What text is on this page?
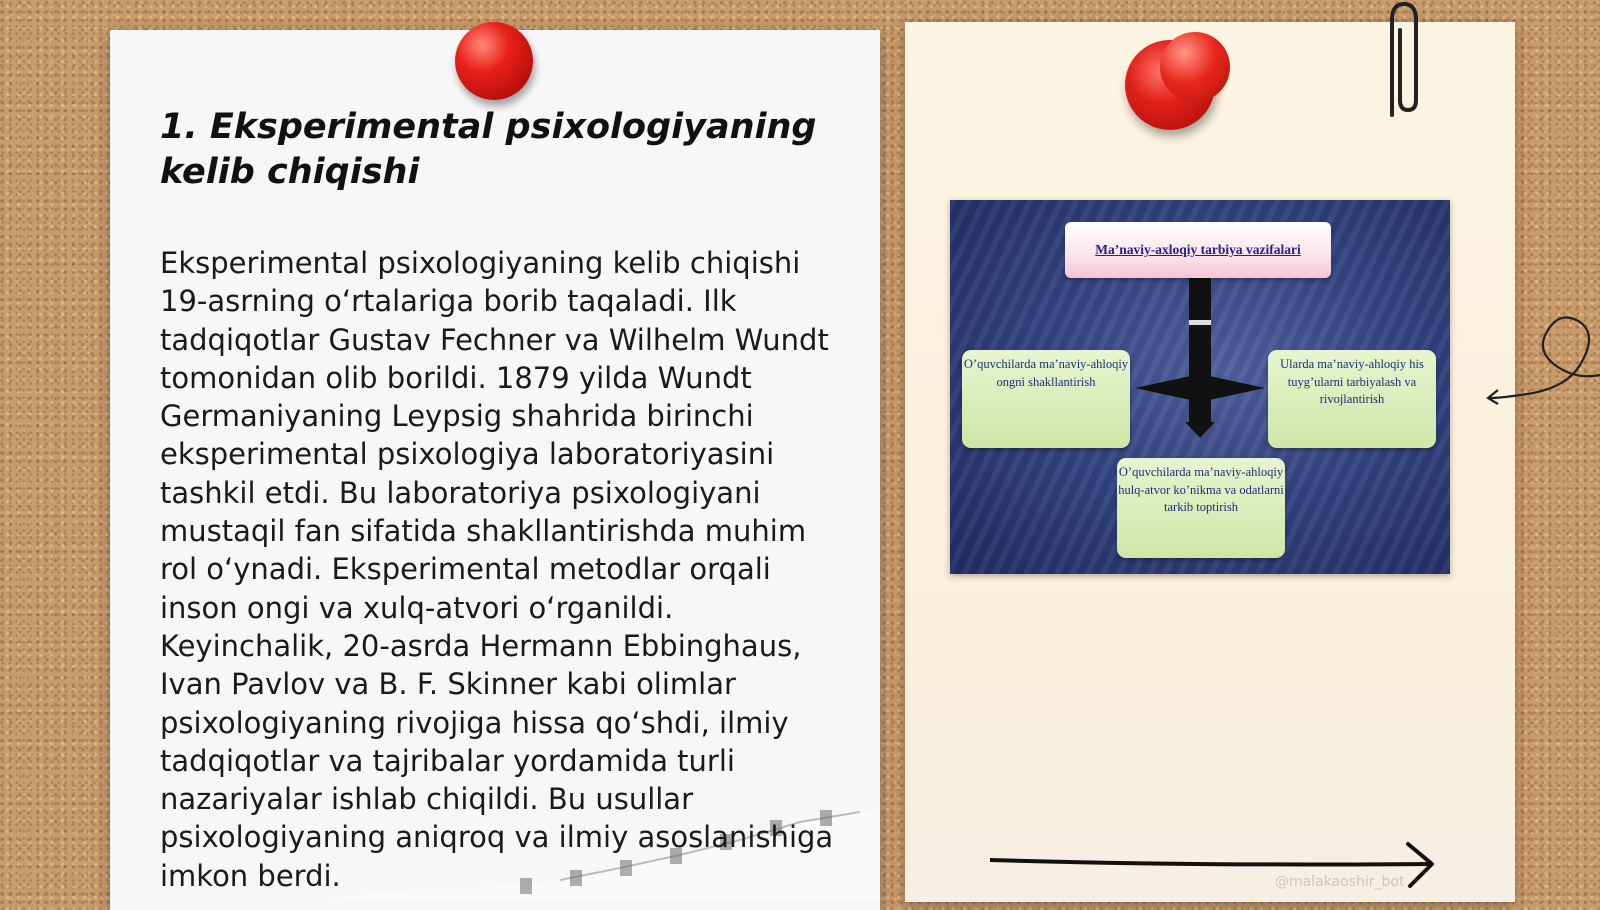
1. Eksperimental psixologiyaning kelib chiqishi

Eksperimental psixologiyaning kelib chiqishi 19-asrning o‘rtalariga borib taqaladi. Ilk tadqiqotlar Gustav Fechner va Wilhelm Wundt tomonidan olib borildi. 1879 yilda Wundt Germaniyaning Leypsig shahrida birinchi eksperimental psixologiya laboratoriyasini tashkil etdi. Bu laboratoriya psixologiyani mustaqil fan sifatida shakllantirishda muhim rol o‘ynadi. Eksperimental metodlar orqali inson ongi va xulq-atvori o‘rganildi. Keyinchalik, 20-asrda Hermann Ebbinghaus, Ivan Pavlov va B. F. Skinner kabi olimlar psixologiyaning rivojiga hissa qo‘shdi, ilmiy tadqiqotlar va tajribalar yordamida turli nazariyalar ishlab chiqildi. Bu usullar psixologiyaning aniqroq va ilmiy asoslanishiga imkon berdi.

Ma’naviy-axloqiy tarbiya vazifalari
O’quvchilarda ma’naviy-ahloqiy ongni shakllantirish
Ularda ma’naviy-ahloqiy his tuyg’ularni tarbiyalash va rivojlantirish
O’quvchilarda ma’naviy-ahloqiy hulq-atvor ko’nikma va odatlarni tarkib toptirish
@malakaoshir_bot
